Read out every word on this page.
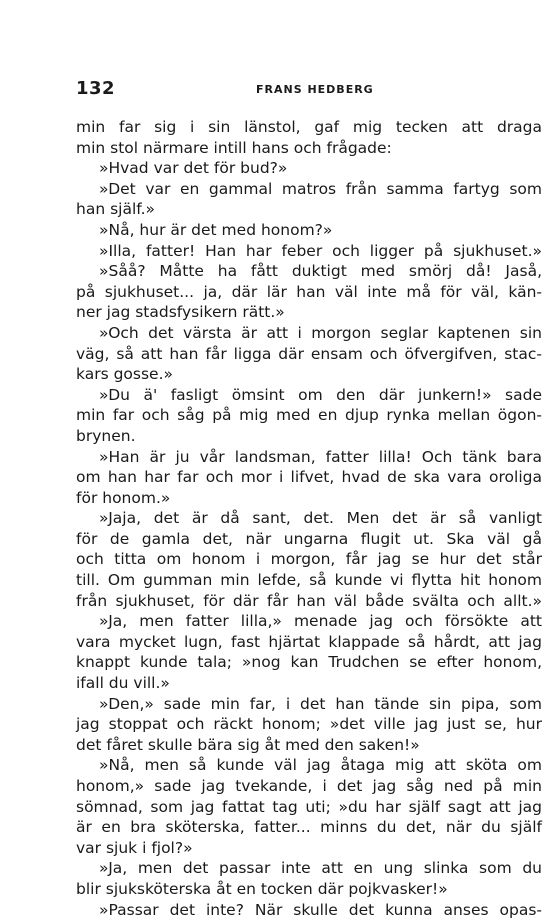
132	FRANS HEDBERG
min far sig i sin länstol, gaf mig tecken att draga
min stol närmare intill hans och frågade:
»Hvad var det för bud?»
»Det var en gammal matros från samma fartyg som
han själf.»
»Nå, hur är det med honom?»
»Illa, fatter! Han har feber och ligger på sjukhuset.»
»Såå? Måtte ha fått duktigt med smörj då! Jaså,
på sjukhuset... ja, där lär han väl inte må för väl, kän-
ner jag stadsfysikern rätt.»
»Och det värsta är att i morgon seglar kaptenen sin
väg, så att han får ligga där ensam och öfvergifven, stac-
kars gosse.»
»Du ä' fasligt ömsint om den där junkern!» sade
min far och såg på mig med en djup rynka mellan ögon-
brynen.
»Han är ju vår landsman, fatter lilla! Och tänk bara
om han har far och mor i lifvet, hvad de ska vara oroliga
för honom.»
»Jaja, det är då sant, det. Men det är så vanligt
för de gamla det, när ungarna flugit ut. Ska väl gå
och titta om honom i morgon, får jag se hur det står
till. Om gumman min lefde, så kunde vi flytta hit honom
från sjukhuset, för där får han väl både svälta och allt.»
»Ja, men fatter lilla,» menade jag och försökte att
vara mycket lugn, fast hjärtat klappade så hårdt, att jag
knappt kunde tala; »nog kan Trudchen se efter honom,
ifall du vill.»
»Den,» sade min far, i det han tände sin pipa, som
jag stoppat och räckt honom; »det ville jag just se, hur
det fåret skulle bära sig åt med den saken!»
»Nå, men så kunde väl jag åtaga mig att sköta om
honom,» sade jag tvekande, i det jag såg ned på min
sömnad, som jag fattat tag uti; »du har själf sagt att jag
är en bra sköterska, fatter... minns du det, när du själf
var sjuk i fjol?»
»Ja, men det passar inte att en ung slinka som du
blir sjuksköterska åt en tocken där pojkvasker!»
»Passar det inte? När skulle det kunna anses opas-
